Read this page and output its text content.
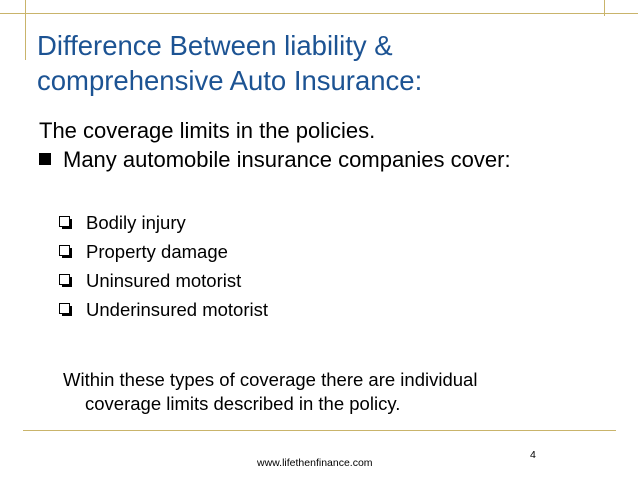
Difference Between liability &
comprehensive Auto Insurance:
The coverage limits in the policies.
Many automobile insurance companies cover:
Bodily injury
Property damage
Uninsured motorist
Underinsured motorist
Within these types of coverage there are individual
coverage limits described in the policy.
www.lifethenfinance.com
4
